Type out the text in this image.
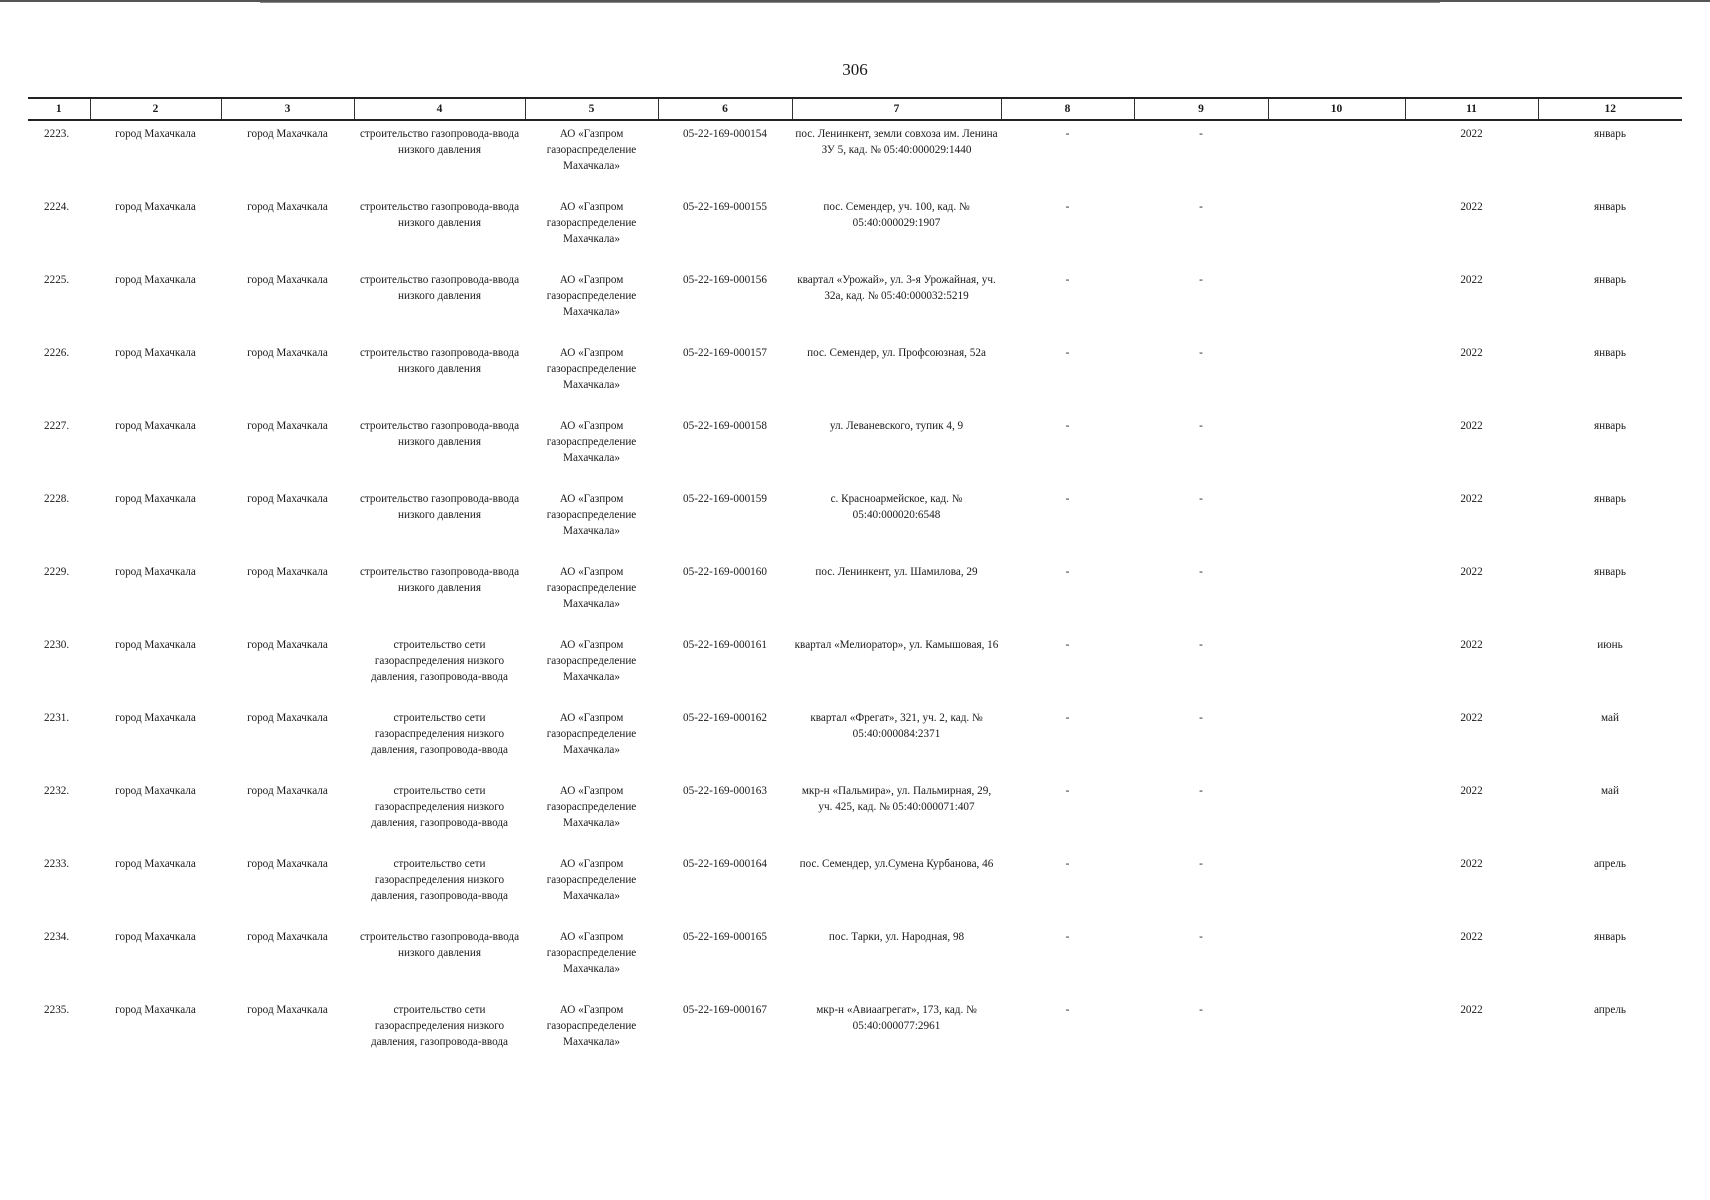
306
1	2	3	4	5	6	7	8	9	10	11	12
2223.	город Махачкала	город Махачкала	строительство газопровода-ввода низкого давления	АО «Газпром газораспределение Махачкала»	05-22-169-000154	пос. Ленинкент, земли совхоза им. Ленина ЗУ 5, кад. № 05:40:000029:1440	-	-		2022	январь
2224.	город Махачкала	город Махачкала	строительство газопровода-ввода низкого давления	АО «Газпром газораспределение Махачкала»	05-22-169-000155	пос. Семендер, уч. 100, кад. № 05:40:000029:1907	-	-		2022	январь
2225.	город Махачкала	город Махачкала	строительство газопровода-ввода низкого давления	АО «Газпром газораспределение Махачкала»	05-22-169-000156	квартал «Урожай», ул. 3-я Урожайная, уч. 32а, кад. № 05:40:000032:5219	-	-		2022	январь
2226.	город Махачкала	город Махачкала	строительство газопровода-ввода низкого давления	АО «Газпром газораспределение Махачкала»	05-22-169-000157	пос. Семендер, ул. Профсоюзная, 52а	-	-		2022	январь
2227.	город Махачкала	город Махачкала	строительство газопровода-ввода низкого давления	АО «Газпром газораспределение Махачкала»	05-22-169-000158	ул. Леваневского, тупик 4, 9	-	-		2022	январь
2228.	город Махачкала	город Махачкала	строительство газопровода-ввода низкого давления	АО «Газпром газораспределение Махачкала»	05-22-169-000159	с. Красноармейское, кад. № 05:40:000020:6548	-	-		2022	январь
2229.	город Махачкала	город Махачкала	строительство газопровода-ввода низкого давления	АО «Газпром газораспределение Махачкала»	05-22-169-000160	пос. Ленинкент, ул. Шамилова, 29	-	-		2022	январь
2230.	город Махачкала	город Махачкала	строительство сети газораспределения низкого давления, газопровода-ввода	АО «Газпром газораспределение Махачкала»	05-22-169-000161	квартал «Мелиоратор», ул. Камышовая, 16	-	-		2022	июнь
2231.	город Махачкала	город Махачкала	строительство сети газораспределения низкого давления, газопровода-ввода	АО «Газпром газораспределение Махачкала»	05-22-169-000162	квартал «Фрегат», 321, уч. 2, кад. № 05:40:000084:2371	-	-		2022	май
2232.	город Махачкала	город Махачкала	строительство сети газораспределения низкого давления, газопровода-ввода	АО «Газпром газораспределение Махачкала»	05-22-169-000163	мкр-н «Пальмира», ул. Пальмирная, 29, уч. 425, кад. № 05:40:000071:407	-	-		2022	май
2233.	город Махачкала	город Махачкала	строительство сети газораспределения низкого давления, газопровода-ввода	АО «Газпром газораспределение Махачкала»	05-22-169-000164	пос. Семендер, ул.Сумена Курбанова, 46	-	-		2022	апрель
2234.	город Махачкала	город Махачкала	строительство газопровода-ввода низкого давления	АО «Газпром газораспределение Махачкала»	05-22-169-000165	пос. Тарки, ул. Народная, 98	-	-		2022	январь
2235.	город Махачкала	город Махачкала	строительство сети газораспределения низкого давления, газопровода-ввода	АО «Газпром газораспределение Махачкала»	05-22-169-000167	мкр-н «Авиаагрегат», 173, кад. № 05:40:000077:2961	-	-		2022	апрель
